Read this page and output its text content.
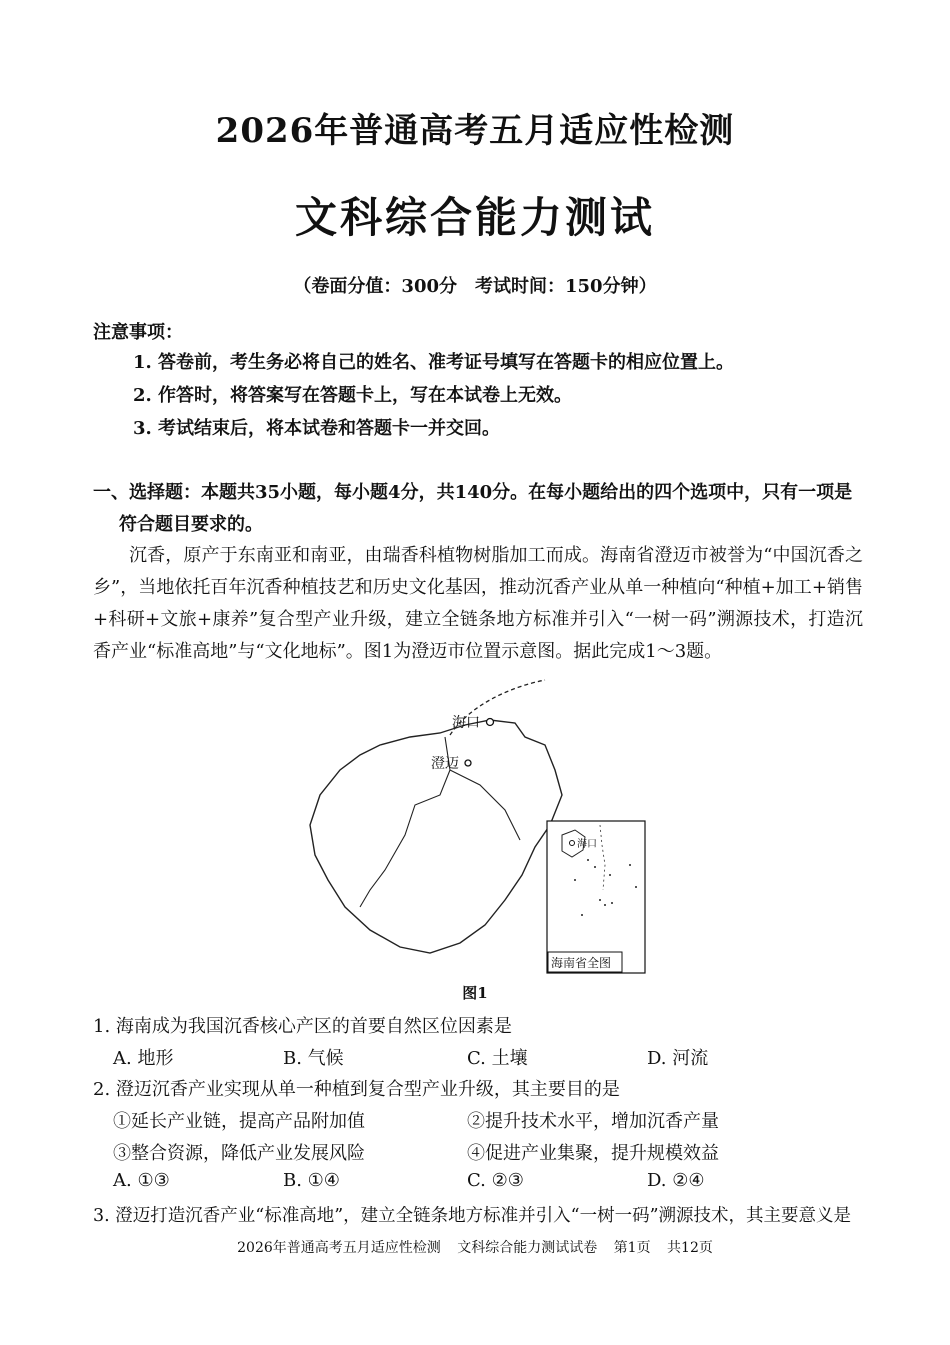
2026年普通高考五月适应性检测
文科综合能力测试
（卷面分值：300分　考试时间：150分钟）
注意事项：
1. 答卷前，考生务必将自己的姓名、准考证号填写在答题卡的相应位置上。
2. 作答时，将答案写在答题卡上，写在本试卷上无效。
3. 考试结束后，将本试卷和答题卡一并交回。
一、选择题：本题共35小题，每小题4分，共140分。在每小题给出的四个选项中，只有一项是
符合题目要求的。
沉香，原产于东南亚和南亚，由瑞香科植物树脂加工而成。海南省澄迈市被誉为“中国沉香之乡”，当地依托百年沉香种植技艺和历史文化基因，推动沉香产业从单一种植向“种植+加工+销售+科研+文旅+康养”复合型产业升级，建立全链条地方标准并引入“一树一码”溯源技术，打造沉香产业“标准高地”与“文化地标”。图1为澄迈市位置示意图。据此完成1～3题。
海口
澄迈
海口
海南省全图
图1
1. 海南成为我国沉香核心产区的首要自然区位因素是
A. 地形	B. 气候	C. 土壤	D. 河流
2. 澄迈沉香产业实现从单一种植到复合型产业升级，其主要目的是
①延长产业链，提高产品附加值	②提升技术水平，增加沉香产量
③整合资源，降低产业发展风险	④促进产业集聚，提升规模效益
A. ①③	B. ①④	C. ②③	D. ②④
3. 澄迈打造沉香产业“标准高地”，建立全链条地方标准并引入“一树一码”溯源技术，其主要意义是
2026年普通高考五月适应性检测 文科综合能力测试试卷 第1页 共12页
